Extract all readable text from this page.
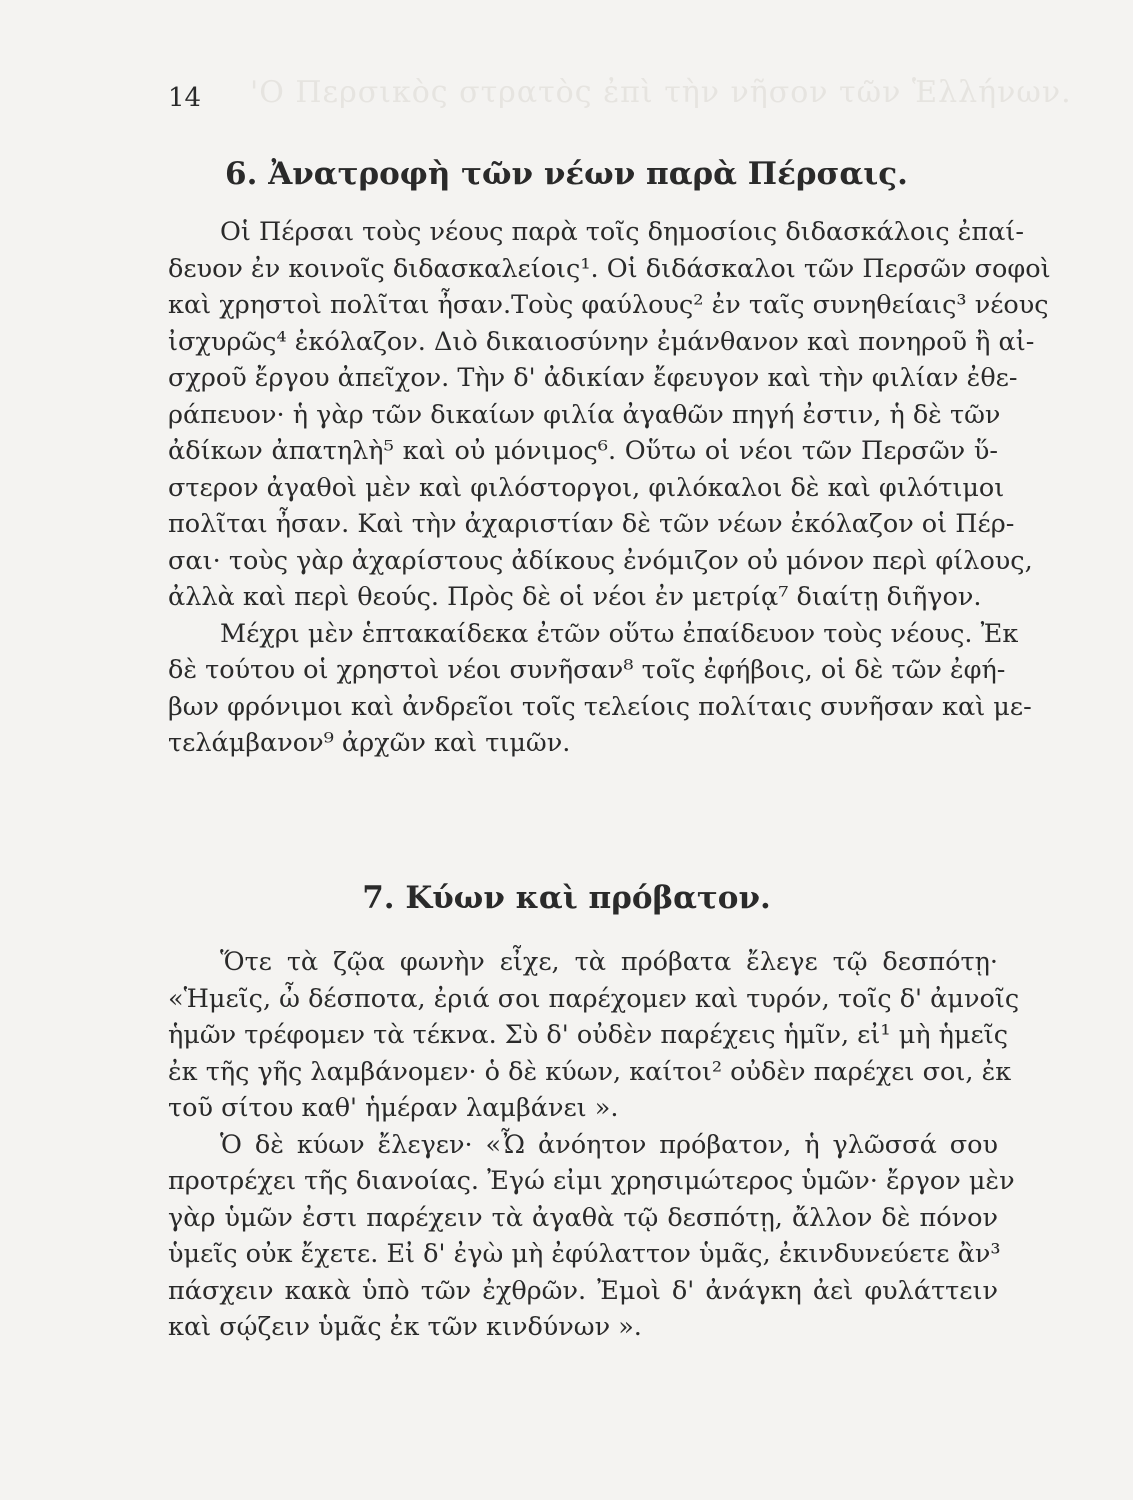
'Ο Περσικὸς στρατὸς ἐπὶ τὴν νῆσον τῶν Ἑλλήνων.
14
6. Ἀνατροφὴ τῶν νέων παρὰ Πέρσαις.
Οἱ Πέρσαι τοὺς νέους παρὰ τοῖς δημοσίοις διδασκάλοις ἐπαί-
δευον ἐν κοινοῖς διδασκαλείοις¹. Οἱ διδάσκαλοι τῶν Περσῶν σοφοὶ
καὶ χρηστοὶ πολῖται ἦσαν.Τοὺς φαύλους² ἐν ταῖς συνηθείαις³ νέους
ἰσχυρῶς⁴ ἐκόλαζον. Διὸ δικαιοσύνην ἐμάνθανον καὶ πονηροῦ ἢ αἰ-
σχροῦ ἔργου ἀπεῖχον. Τὴν δ' ἀδικίαν ἔφευγον καὶ τὴν φιλίαν ἐθε-
ράπευον· ἡ γὰρ τῶν δικαίων φιλία ἀγαθῶν πηγή ἐστιν, ἡ δὲ τῶν
ἀδίκων ἀπατηλὴ⁵ καὶ οὐ μόνιμος⁶. Οὕτω οἱ νέοι τῶν Περσῶν ὕ-
στερον ἀγαθοὶ μὲν καὶ φιλόστοργοι, φιλόκαλοι δὲ καὶ φιλότιμοι
πολῖται ἦσαν. Καὶ τὴν ἀχαριστίαν δὲ τῶν νέων ἐκόλαζον οἱ Πέρ-
σαι· τοὺς γὰρ ἀχαρίστους ἀδίκους ἐνόμιζον οὐ μόνον περὶ φίλους,
ἀλλὰ καὶ περὶ θεούς. Πρὸς δὲ οἱ νέοι ἐν μετρίᾳ⁷ διαίτῃ διῆγον.
Μέχρι μὲν ἑπτακαίδεκα ἐτῶν οὕτω ἐπαίδευον τοὺς νέους. Ἐκ
δὲ τούτου οἱ χρηστοὶ νέοι συνῆσαν⁸ τοῖς ἐφήβοις, οἱ δὲ τῶν ἐφή-
βων φρόνιμοι καὶ ἀνδρεῖοι τοῖς τελείοις πολίταις συνῆσαν καὶ με-
τελάμβανον⁹ ἀρχῶν καὶ τιμῶν.
7. Κύων καὶ πρόβατον.
Ὅτε τὰ ζῷα φωνὴν εἶχε, τὰ πρόβατα ἔλεγε τῷ δεσπότῃ·
«Ἡμεῖς, ὦ δέσποτα, ἐριά σοι παρέχομεν καὶ τυρόν, τοῖς δ' ἀμνοῖς
ἡμῶν τρέφομεν τὰ τέκνα. Σὺ δ' οὐδὲν παρέχεις ἡμῖν, εἰ¹ μὴ ἡμεῖς
ἐκ τῆς γῆς λαμβάνομεν· ὁ δὲ κύων, καίτοι² οὐδὲν παρέχει σοι, ἐκ
τοῦ σίτου καθ' ἡμέραν λαμβάνει ».
Ὁ δὲ κύων ἔλεγεν· «Ὦ ἀνόητον πρόβατον, ἡ γλῶσσά σου
προτρέχει τῆς διανοίας. Ἐγώ εἰμι χρησιμώτερος ὑμῶν· ἔργον μὲν
γὰρ ὑμῶν ἐστι παρέχειν τὰ ἀγαθὰ τῷ δεσπότῃ, ἄλλον δὲ πόνον
ὑμεῖς οὐκ ἔχετε. Εἰ δ' ἐγὼ μὴ ἐφύλαττον ὑμᾶς, ἐκινδυνεύετε ἂν³
πάσχειν κακὰ ὑπὸ τῶν ἐχθρῶν. Ἐμοὶ δ' ἀνάγκη ἀεὶ φυλάττειν
καὶ σῴζειν ὑμᾶς ἐκ τῶν κινδύνων ».
